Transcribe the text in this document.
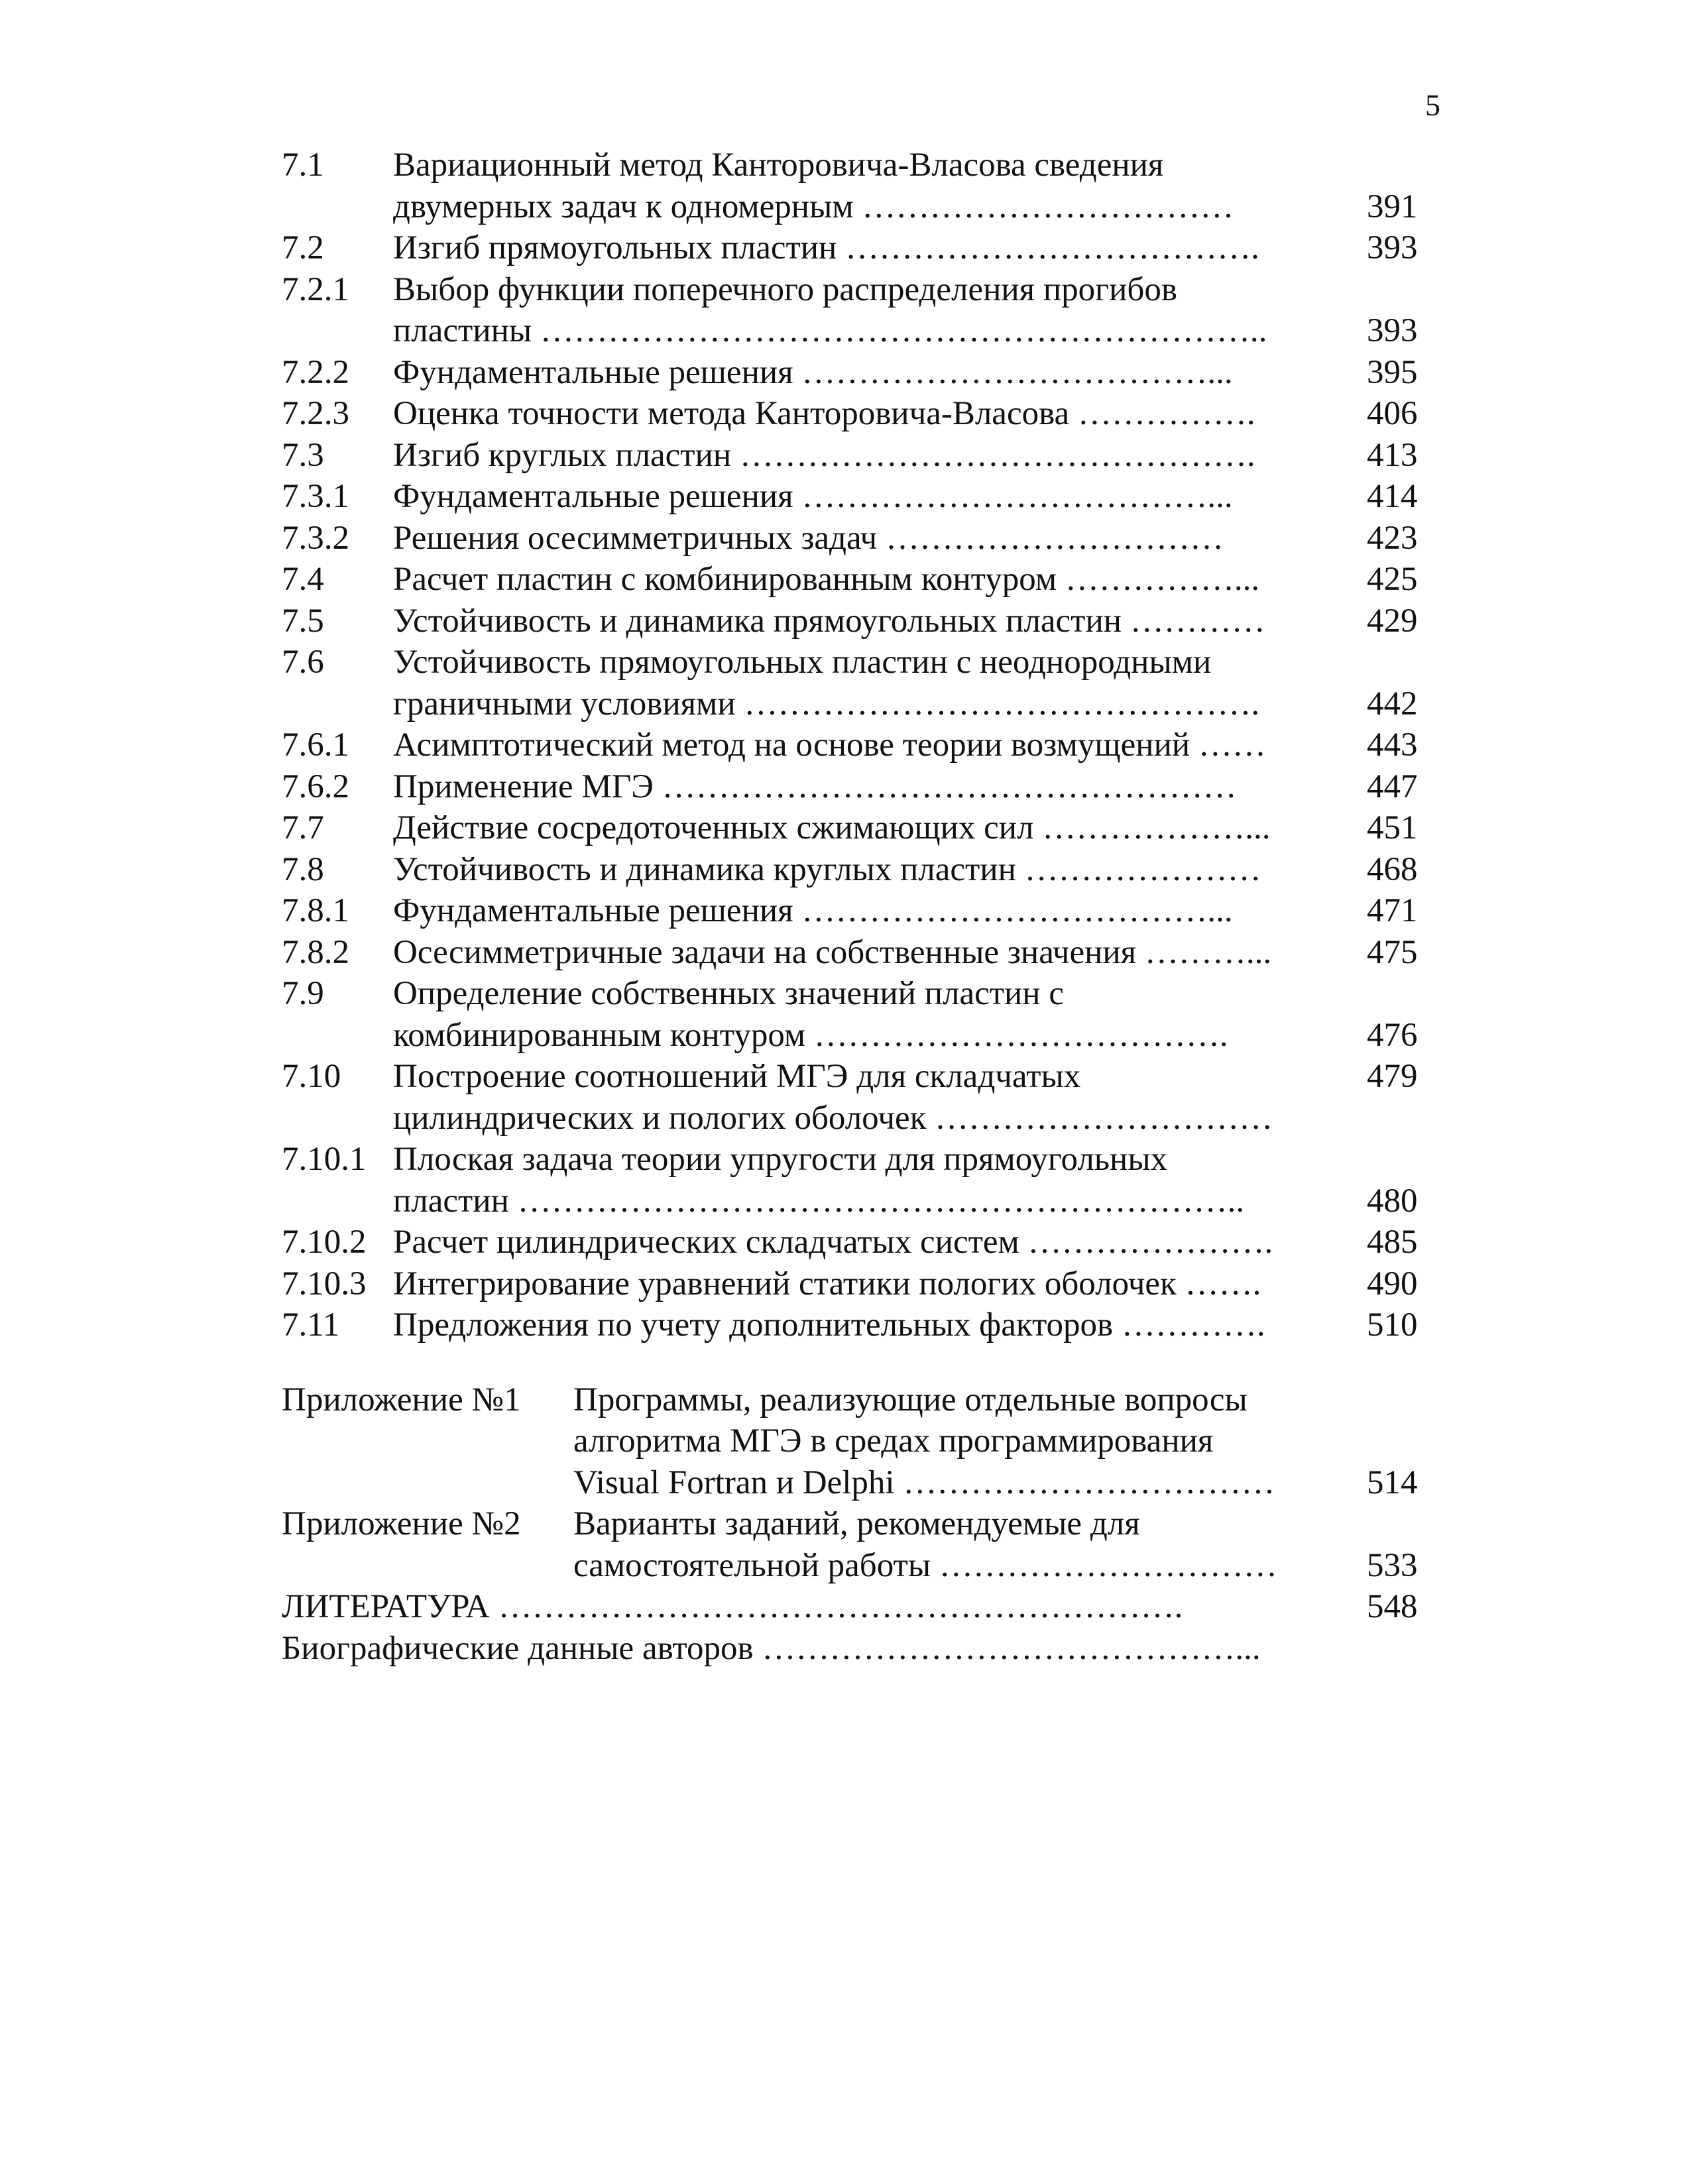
5
7.1 Вариационный метод Канторовича-Власова сведения
двумерных задач к одномерным ……………………………	391
7.2 Изгиб прямоугольных пластин ……………………………….	393
7.2.1 Выбор функции поперечного распределения прогибов
пластины ………………………………………………………..	393
7.2.2 Фундаментальные решения ………………………………...	395
7.2.3 Оценка точности метода Канторовича-Власова …………….	406
7.3 Изгиб круглых пластин ……………………………………….	413
7.3.1 Фундаментальные решения ………………………………...	414
7.3.2 Решения осесимметричных задач …………………………	423
7.4 Расчет пластин с комбинированным контуром ……………...	425
7.5 Устойчивость и динамика прямоугольных пластин …………	429
7.6 Устойчивость прямоугольных пластин с неоднородными
граничными условиями ……………………………………….	442
7.6.1 Асимптотический метод на основе теории возмущений ……	443
7.6.2 Применение МГЭ ……………………………………………	447
7.7 Действие сосредоточенных сжимающих сил ………………...	451
7.8 Устойчивость и динамика круглых пластин …………………	468
7.8.1 Фундаментальные решения ………………………………...	471
7.8.2 Осесимметричные задачи на собственные значения ………...	475
7.9 Определение собственных значений пластин с
комбинированным контуром ……………………………….	476
7.10 Построение соотношений МГЭ для складчатых	479
цилиндрических и пологих оболочек …………………………
7.10.1 Плоская задача теории упругости для прямоугольных
пластин ………………………………………………………..	480
7.10.2 Расчет цилиндрических складчатых систем ………………….	485
7.10.3 Интегрирование уравнений статики пологих оболочек …….	490
7.11 Предложения по учету дополнительных факторов ………….	510
Приложение №1 Программы, реализующие отдельные вопросы
алгоритма МГЭ в средах программирования
Visual Fortran и Delphi ……………………………	514
Приложение №2 Варианты заданий, рекомендуемые для
самостоятельной работы …………………………	533
ЛИТЕРАТУРА …………………………………………………….	548
Биографические данные авторов ……………………………………...
